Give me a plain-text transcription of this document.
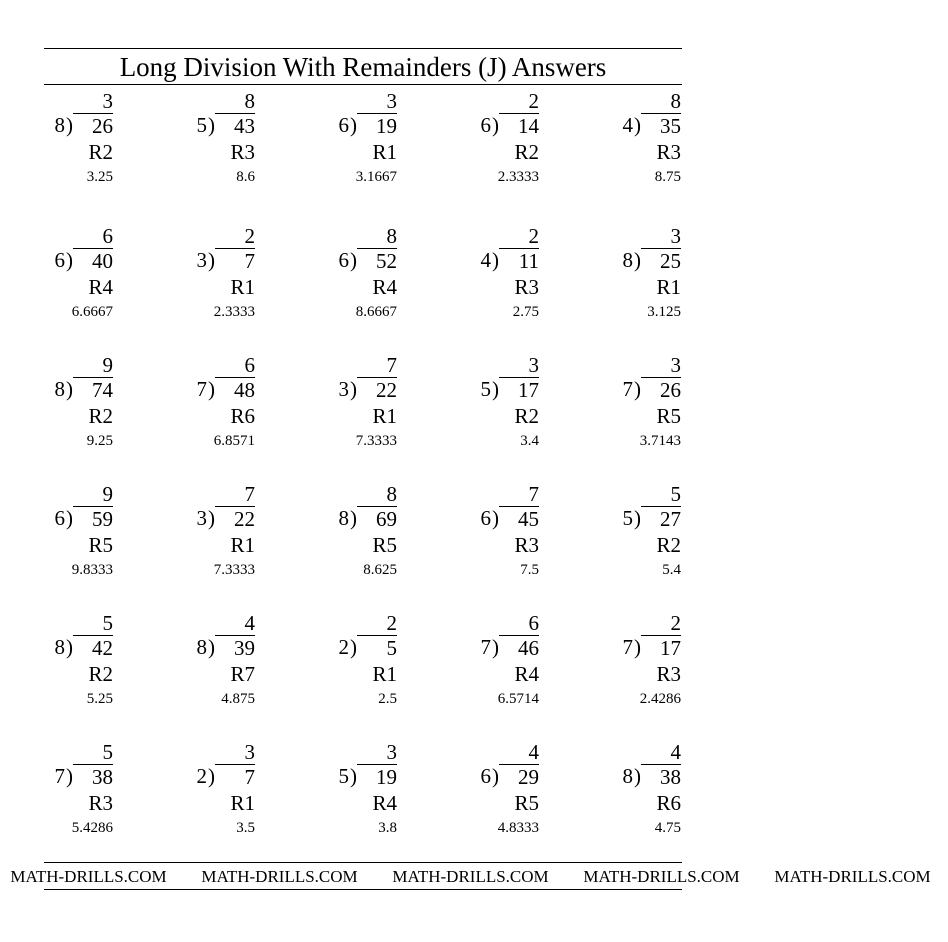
Long Division With Remainders (J) Answers
3
8 ) 26
R2
3.25
8
5 ) 43
R3
8.6
3
6 ) 19
R1
3.1667
2
6 ) 14
R2
2.3333
8
4 ) 35
R3
8.75
6
6 ) 40
R4
6.6667
2
3 )	7
R1
2.3333
8
6 ) 52
R4
8.6667
2
4 ) 11
R3
2.75
3
8 ) 25
R1
3.125
9
8 ) 74
R2
9.25
6
7 ) 48
R6
6.8571
7
3 ) 22
R1
7.3333
3
5 ) 17
R2
3.4
3
7 ) 26
R5
3.7143
9
6 ) 59
R5
9.8333
7
3 ) 22
R1
7.3333
8
8 ) 69
R5
8.625
7
6 ) 45
R3
7.5
5
5 ) 27
R2
5.4
5
8 ) 42
R2
5.25
4
8 ) 39
R7
4.875
2
2 )	5
R1
2.5
6
7 ) 46
R4
6.5714
2
7 ) 17
R3
2.4286
5
7 ) 38
R3
5.4286
3
2 )	7
R1
3.5
3
5 ) 19
R4
3.8
4
6 ) 29
R5
4.8333
4
8 ) 38
R6
4.75
MATH-DRILLS.COM	MATH-DRILLS.COM	MATH-DRILLS.COM	MATH-DRILLS.COM	MATH-DRILLS.COM
